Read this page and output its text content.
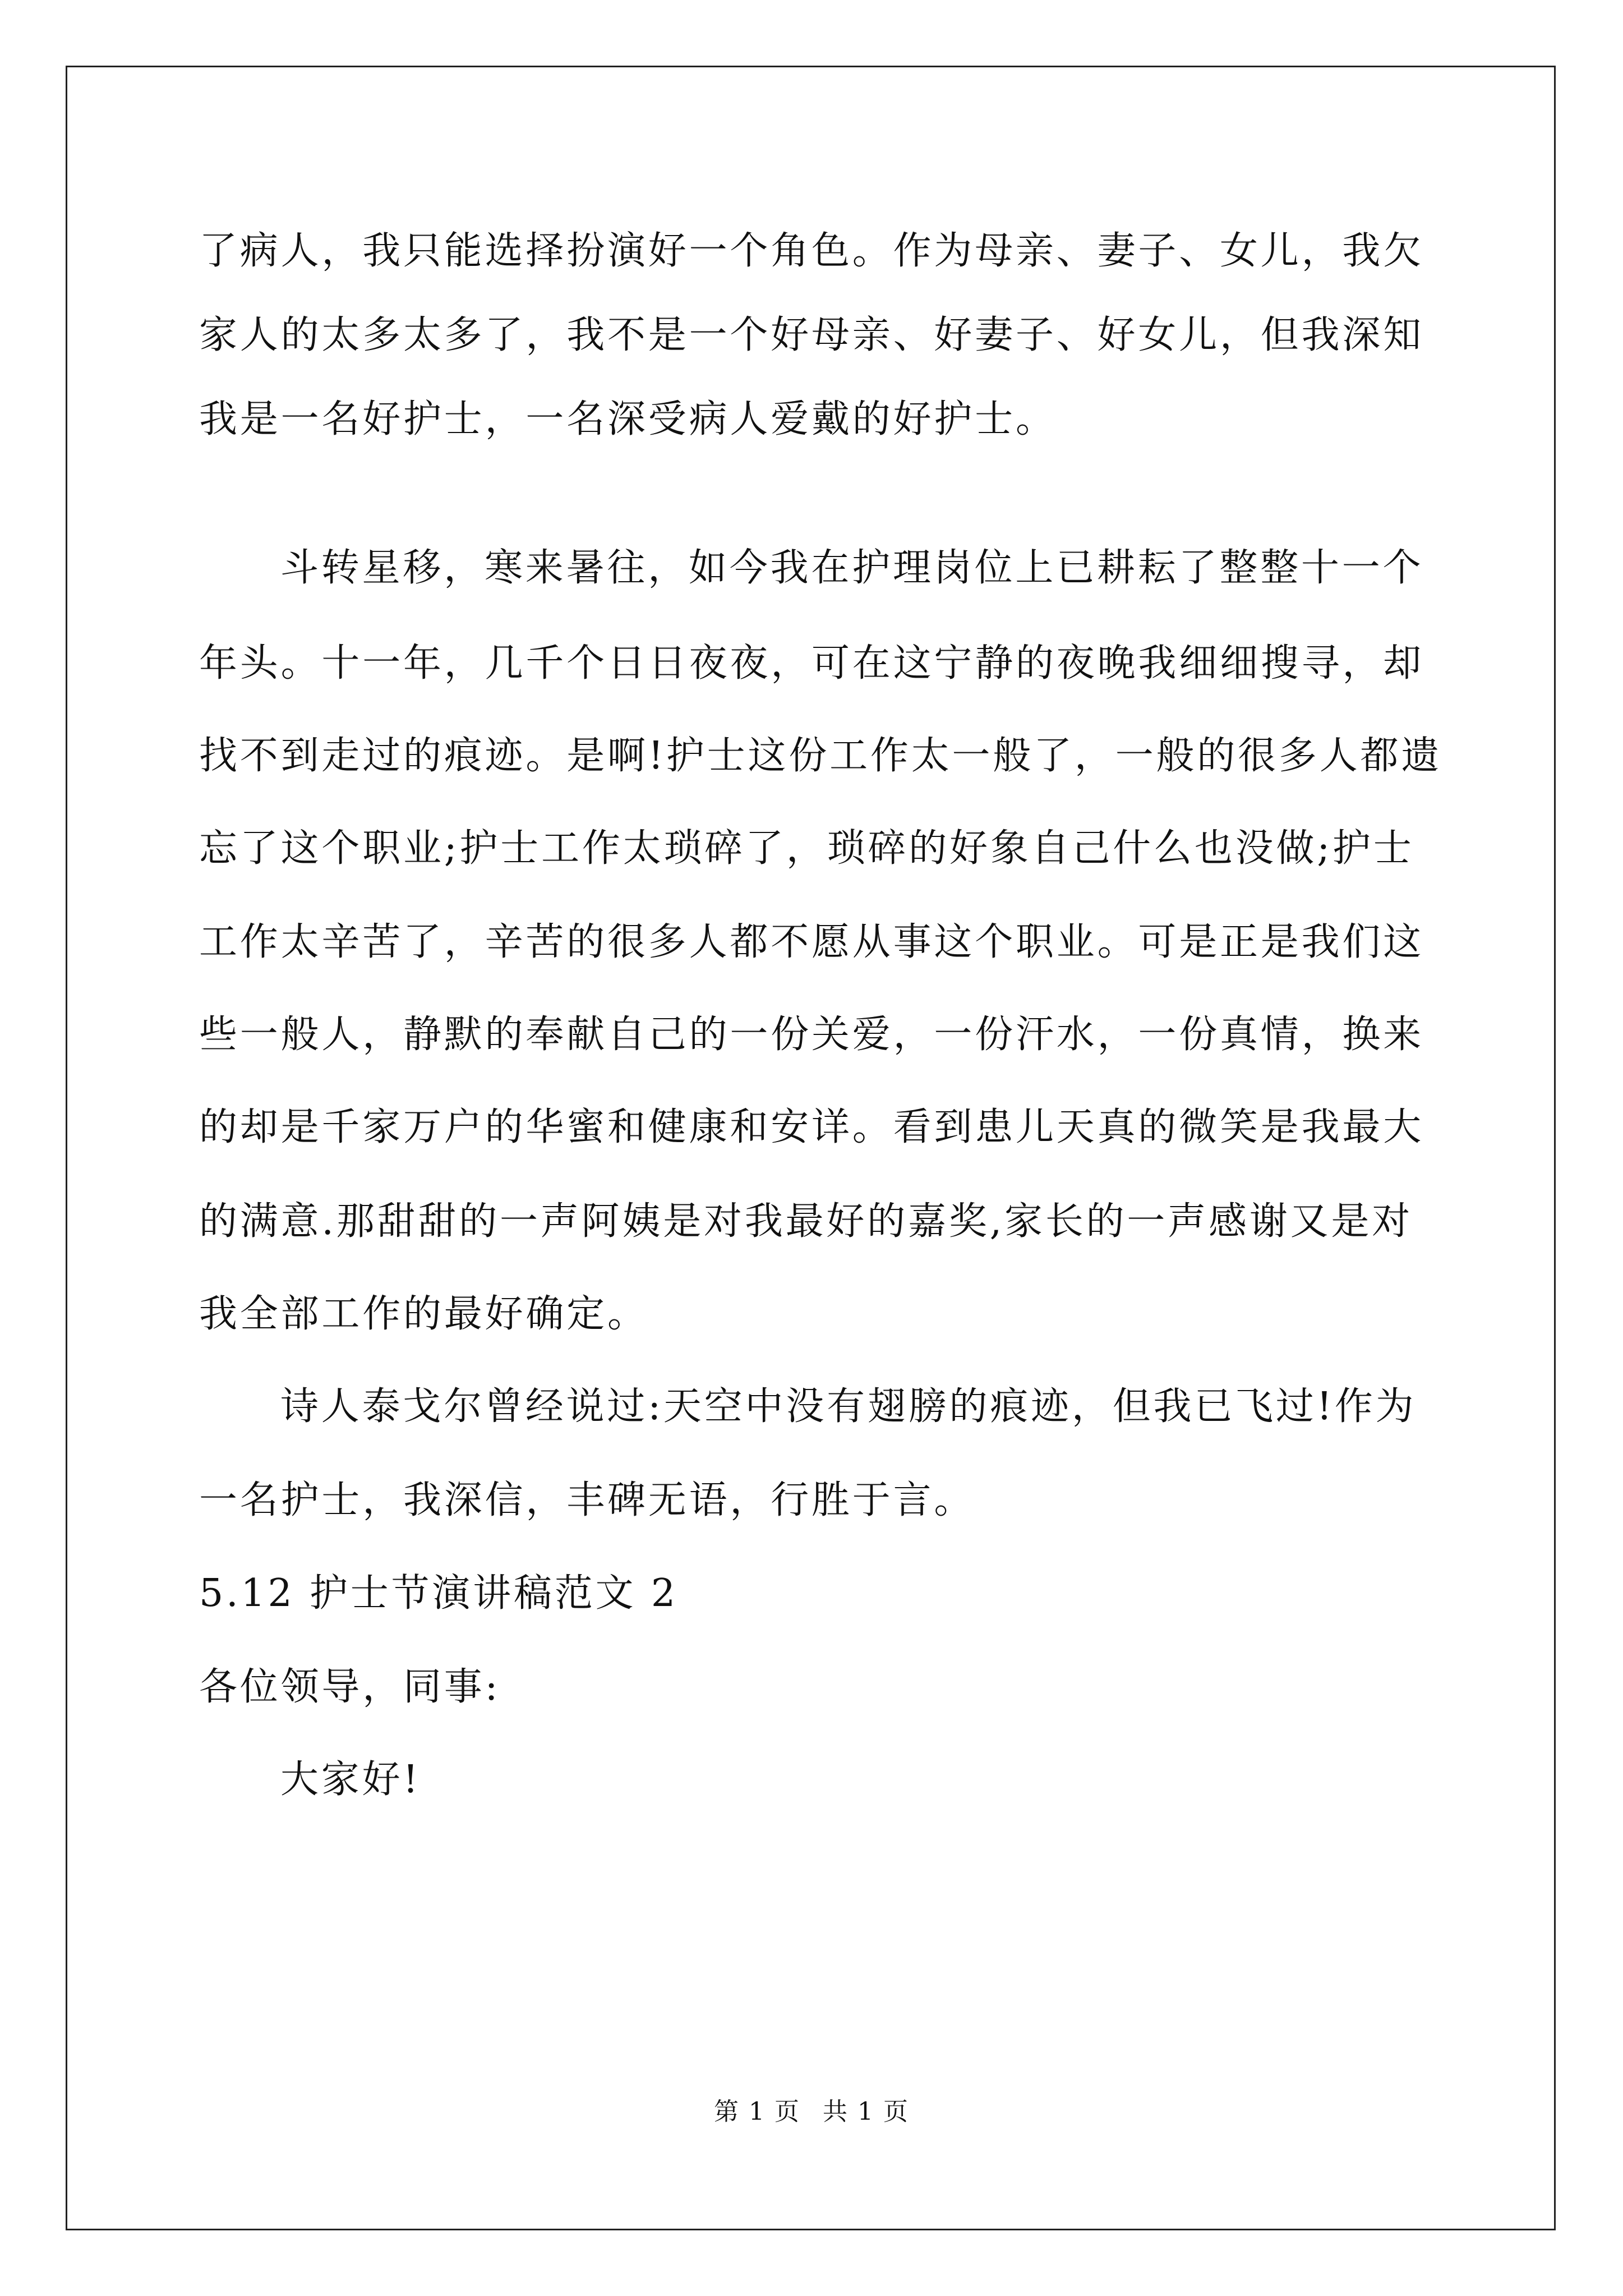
了病人，我只能选择扮演好一个角色。作为母亲、妻子、女儿，我欠
家人的太多太多了，我不是一个好母亲、好妻子、好女儿，但我深知
我是一名好护士，一名深受病人爱戴的好护士。
斗转星移，寒来暑往，如今我在护理岗位上已耕耘了整整十一个
年头。十一年，几千个日日夜夜，可在这宁静的夜晚我细细搜寻，却
找不到走过的痕迹。是啊!护士这份工作太一般了，一般的很多人都遗
忘了这个职业;护士工作太琐碎了，琐碎的好象自己什么也没做;护士
工作太辛苦了，辛苦的很多人都不愿从事这个职业。可是正是我们这
些一般人，静默的奉献自己的一份关爱，一份汗水，一份真情，换来
的却是千家万户的华蜜和健康和安详。看到患儿天真的微笑是我最大
的满意.那甜甜的一声阿姨是对我最好的嘉奖,家长的一声感谢又是对
我全部工作的最好确定。
诗人泰戈尔曾经说过:天空中没有翅膀的痕迹，但我已飞过!作为
一名护士，我深信，丰碑无语，行胜于言。
5.12 护士节演讲稿范文 2
各位领导，同事:
大家好!
第 1 页 共 1 页
